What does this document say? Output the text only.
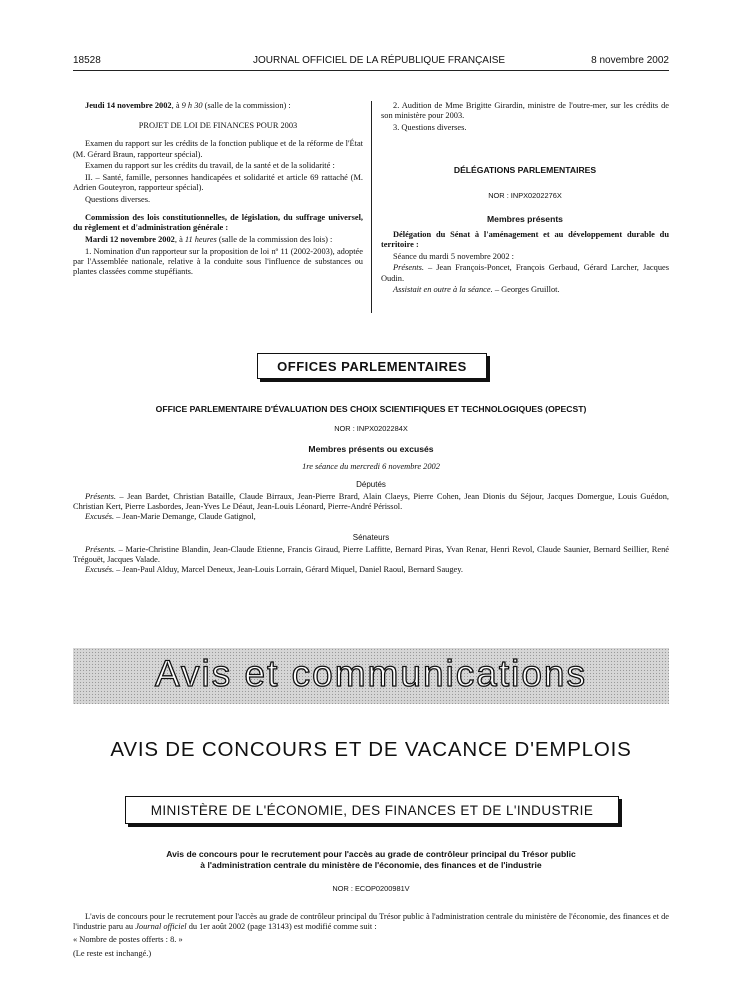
18528	JOURNAL OFFICIEL DE LA RÉPUBLIQUE FRANÇAISE	8 novembre 2002

Jeudi 14 novembre 2002, à 9 h 30 (salle de la commission) :

PROJET DE LOI DE FINANCES POUR 2003

Examen du rapport sur les crédits de la fonction publique et de la réforme de l'État (M. Gérard Braun, rapporteur spécial).

Examen du rapport sur les crédits du travail, de la santé et de la solidarité :

II. – Santé, famille, personnes handicapées et solidarité et article 69 rattaché (M. Adrien Gouteyron, rapporteur spécial).

Questions diverses.

Commission des lois constitutionnelles, de législation, du suffrage universel, du règlement et d'administration générale :

Mardi 12 novembre 2002, à 11 heures (salle de la commission des lois) :

1. Nomination d'un rapporteur sur la proposition de loi nº 11 (2002-2003), adoptée par l'Assemblée nationale, relative à la conduite sous l'influence de substances ou plantes classées comme stupéfiants.

2. Audition de Mme Brigitte Girardin, ministre de l'outre-mer, sur les crédits de son ministère pour 2003.

3. Questions diverses.

DÉLÉGATIONS PARLEMENTAIRES

NOR : INPX0202276X

Membres présents

Délégation du Sénat à l'aménagement et au développement durable du territoire :

Séance du mardi 5 novembre 2002 :

Présents. – Jean François-Poncet, François Gerbaud, Gérard Larcher, Jacques Oudin.

Assistait en outre à la séance. – Georges Gruillot.

OFFICES PARLEMENTAIRES
OFFICE PARLEMENTAIRE D'ÉVALUATION DES CHOIX SCIENTIFIQUES ET TECHNOLOGIQUES (OPECST)
NOR : INPX0202284X
Membres présents ou excusés
1re séance du mercredi 6 novembre 2002
Députés

Présents. – Jean Bardet, Christian Bataille, Claude Birraux, Jean-Pierre Brard, Alain Claeys, Pierre Cohen, Jean Dionis du Séjour, Jacques Domergue, Louis Guédon, Christian Kert, Pierre Lasbordes, Jean-Yves Le Déaut, Jean-Louis Léonard, Pierre-André Périssol.

Excusés. – Jean-Marie Demange, Claude Gatignol,

Sénateurs

Présents. – Marie-Christine Blandin, Jean-Claude Etienne, Francis Giraud, Pierre Laffitte, Bernard Piras, Yvan Renar, Henri Revol, Claude Saunier, Bernard Seillier, René Trégouët, Jacques Valade.

Excusés. – Jean-Paul Alduy, Marcel Deneux, Jean-Louis Lorrain, Gérard Miquel, Daniel Raoul, Bernard Saugey.

Avis et communications
AVIS DE CONCOURS ET DE VACANCE D'EMPLOIS
MINISTÈRE DE L'ÉCONOMIE, DES FINANCES ET DE L'INDUSTRIE
Avis de concours pour le recrutement pour l'accès au grade de contrôleur principal du Trésor public
à l'administration centrale du ministère de l'économie, des finances et de l'industrie
NOR : ECOP0200981V

L'avis de concours pour le recrutement pour l'accès au grade de contrôleur principal du Trésor public à l'administration centrale du ministère de l'économie, des finances et de l'industrie paru au Journal officiel du 1er août 2002 (page 13143) est modifié comme suit :

« Nombre de postes offerts : 8. »

(Le reste est inchangé.)
